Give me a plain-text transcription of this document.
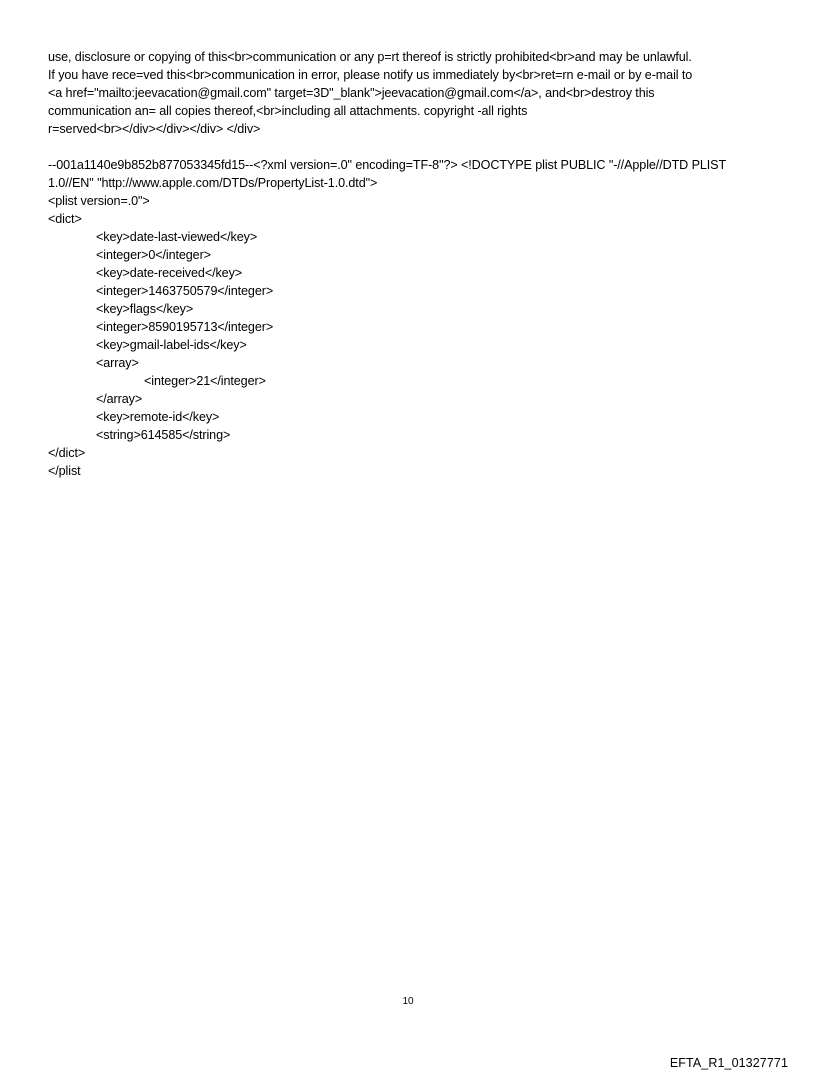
use, disclosure or copying of this<br>communication or any p=rt thereof is strictly prohibited<br>and may be unlawful.
If you have rece=ved this<br>communication in error, please notify us immediately by<br>ret=rn e-mail or by e-mail to
<a href="mailto:jeevacation@gmail.com" target=3D"_blank">jeevacation@gmail.com</a>, and<br>destroy this
communication an= all copies thereof,<br>including all attachments. copyright -all rights
r=served<br></div></div></div> </div>
--001a1140e9b852b877053345fd15--<?xml version=.0" encoding=TF-8"?> <!DOCTYPE plist PUBLIC "-//Apple//DTD PLIST
1.0//EN" "http://www.apple.com/DTDs/PropertyList-1.0.dtd">
<plist version=.0">
<dict>
<key>date-last-viewed</key>
<integer>0</integer>
<key>date-received</key>
<integer>1463750579</integer>
<key>flags</key>
<integer>8590195713</integer>
<key>gmail-label-ids</key>
<array>
<integer>21</integer>
</array>
<key>remote-id</key>
<string>614585</string>
</dict>
</plist
10
EFTA_R1_01327771
